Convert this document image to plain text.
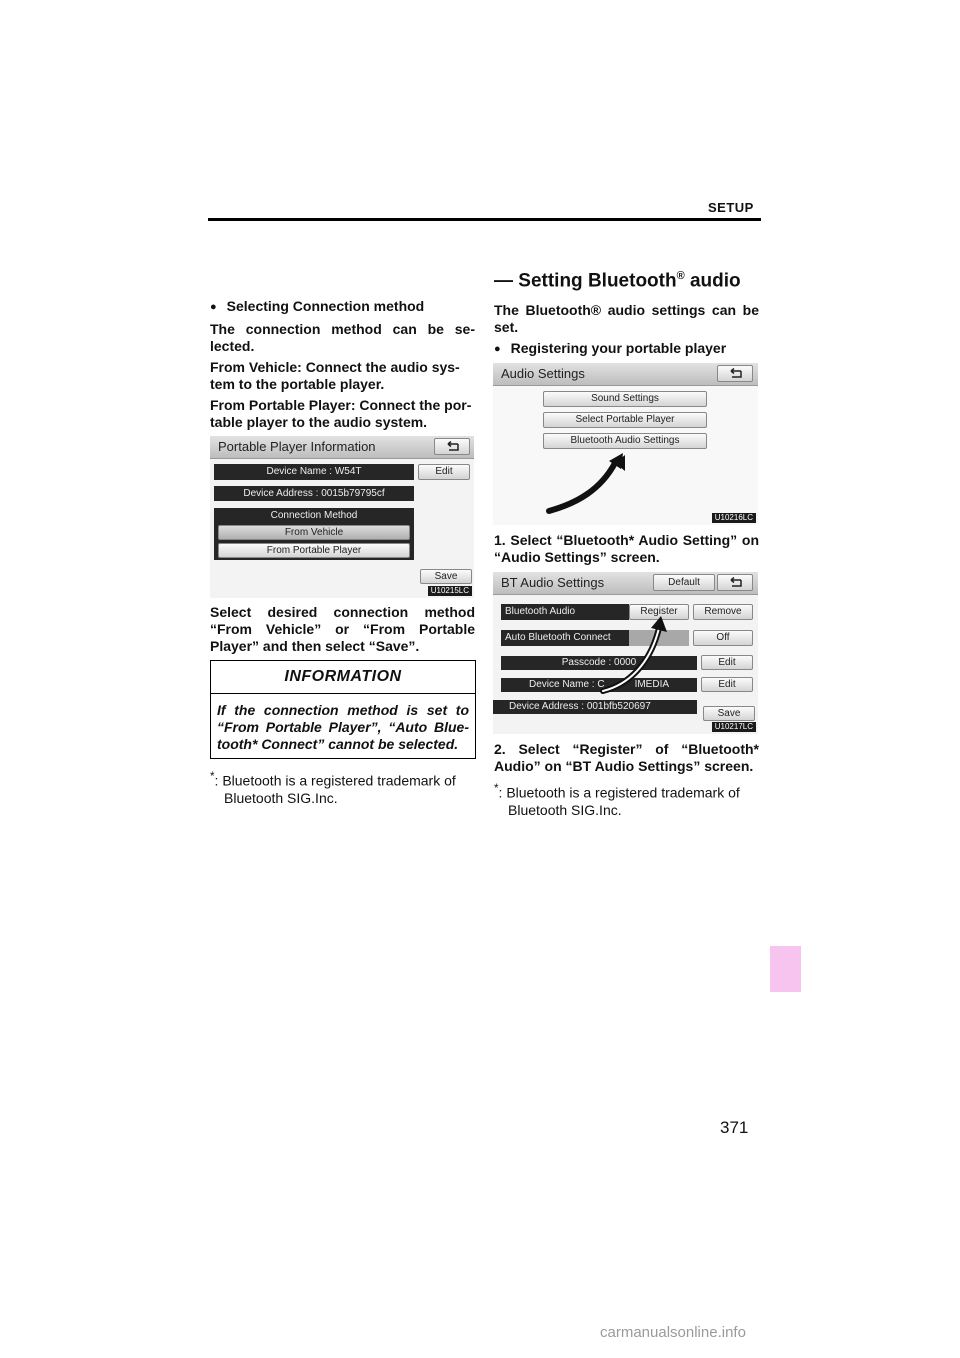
SETUP
— Setting Bluetooth® audio

● Selecting Connection method

The connection method can be se-lected.

From Vehicle: Connect the audio sys-tem to the portable player.

From Portable Player: Connect the por-table player to the audio system.

Portable Player Information
Device Name : W54T	Edit
Device Address : 0015b79795cf
Connection Method
From Vehicle
From Portable Player
Save
U10215LC
Select desired connection method “From Vehicle” or “From Portable Player” and then select “Save”.
INFORMATION
If the connection method is set to “From Portable Player”, “Auto Blue-tooth* Connect” cannot be selected.
*: Bluetooth is a registered trademark of
Bluetooth SIG.Inc.

The Bluetooth® audio settings can be set.

● Registering your portable player

Audio Settings
Sound Settings
Select Portable Player
Bluetooth Audio Settings
U10216LC
1. Select “Bluetooth* Audio Setting” on “Audio Settings” screen.
BT Audio Settings	Default
Bluetooth Audio	Register	Remove
Auto Bluetooth Connect	Off
Passcode : 0000	Edit
Device Name : C	IMEDIA	Edit
Device Address : 001bfb520697
Save
U10217LC
2. Select “Register” of “Bluetooth* Audio” on “BT Audio Settings” screen.
*: Bluetooth is a registered trademark of
Bluetooth SIG.Inc.
371
carmanualsonline.info
